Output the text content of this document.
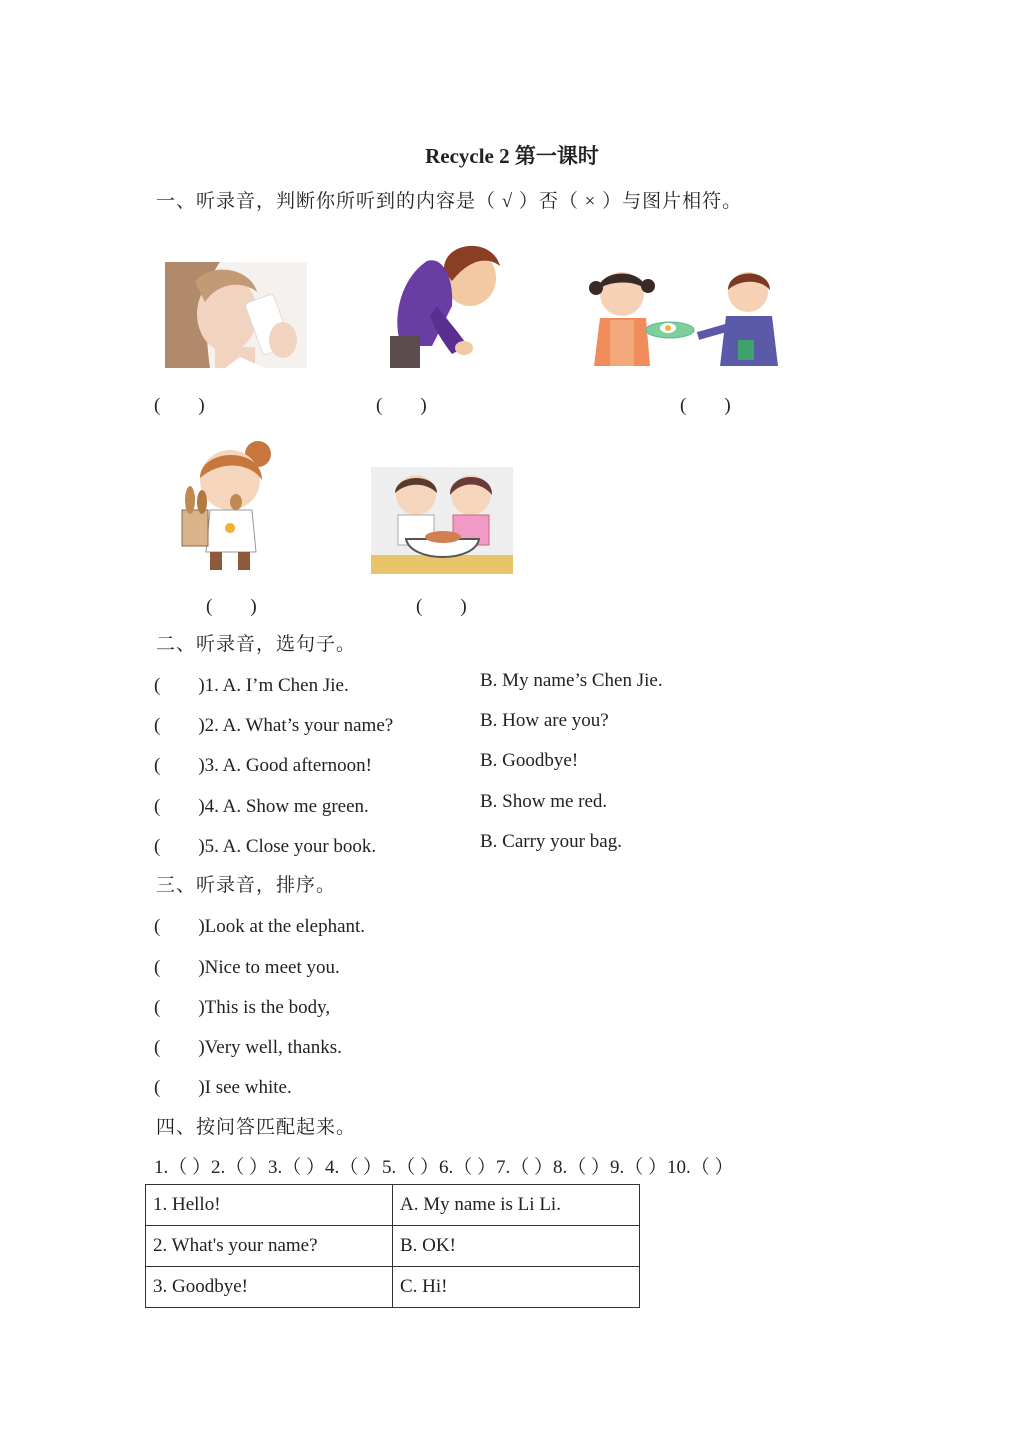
Recycle 2 第一课时
一、听录音，判断你所听到的内容是（ √ ）否（ × ）与图片相符。
(　　)	(　　)	(　　)
(　　)	(　　)
二、听录音，选句子。
(　　)1. A. I’m Chen Jie.	B. My name’s Chen Jie.
(　　)2. A. What’s your name?	B. How are you?
(　　)3. A. Good afternoon!	B. Goodbye!
(　　)4. A. Show me green.	B. Show me red.
(　　)5. A. Close your book.	B. Carry your bag.
三、听录音，排序。
(　　)Look at the elephant.
(　　)Nice to meet you.
(　　)This is the body,
(　　)Very well, thanks.
(　　)I see white.
四、按问答匹配起来。
1.（ ）2.（ ）3.（ ）4.（ ）5.（ ）6.（ ）7.（ ）8.（ ）9.（ ）10.（ ）
1. Hello!	A. My name is Li Li.
2. What's your name?	B. OK!
3. Goodbye!	C. Hi!
